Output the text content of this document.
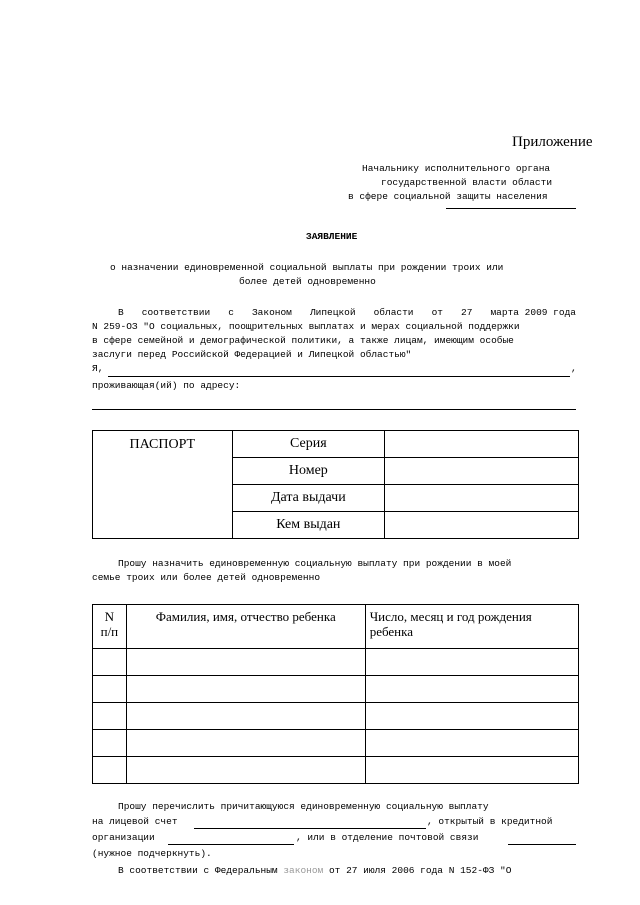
Приложение
Начальнику исполнительного органа
государственной власти области
в сфере социальной защиты населения
ЗАЯВЛЕНИЕ
о назначении единовременной социальной выплаты при рождении троих или
более детей одновременно
В соответствии с Законом Липецкой области от 27 марта 2009 года
N 259-ОЗ "О социальных, поощрительных выплатах и мерах социальной поддержки
в сфере семейной и демографической политики, а также лицам, имеющим особые
заслуги перед Российской Федерацией и Липецкой областью"
Я,	,
проживающая(ий) по адресу:
ПАСПОРТ	Серия	
	Номер	
	Дата выдачи	
	Кем выдан	
Прошу назначить единовременную социальную выплату при рождении в моей
семье троих или более детей одновременно
N
п/п	Фамилия, имя, отчество ребенка	Число, месяц и год рождения ребенка

Прошу перечислить причитающуюся единовременную социальную выплату
на лицевой счет	, открытый в кредитной
организации	, или в отделение почтовой связи
(нужное подчеркнуть).
В соответствии с Федеральным законом от 27 июля 2006 года N 152-ФЗ "О
